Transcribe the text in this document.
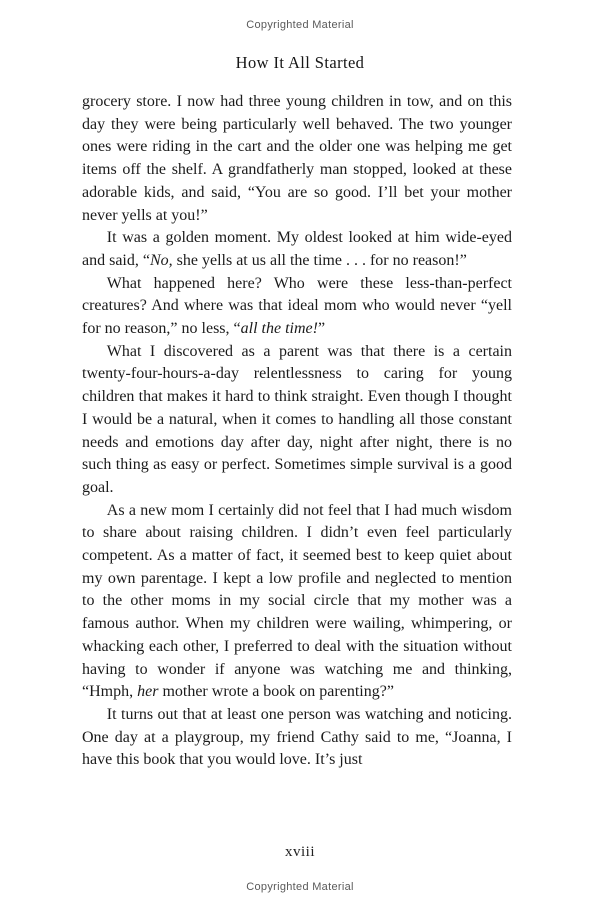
Copyrighted Material
How It All Started

grocery store. I now had three young children in tow, and on this day they were being particularly well behaved. The two younger ones were riding in the cart and the older one was helping me get items off the shelf. A grandfatherly man stopped, looked at these adorable kids, and said, “You are so good. I’ll bet your mother never yells at you!”

It was a golden moment. My oldest looked at him wide-eyed and said, “No, she yells at us all the time . . . for no reason!”

What happened here? Who were these less-than-perfect creatures? And where was that ideal mom who would never “yell for no reason,” no less, “all the time!”

What I discovered as a parent was that there is a certain twenty-four-hours-a-day relentlessness to caring for young children that makes it hard to think straight. Even though I thought I would be a natural, when it comes to handling all those constant needs and emotions day after day, night after night, there is no such thing as easy or perfect. Sometimes simple survival is a good goal.

As a new mom I certainly did not feel that I had much wisdom to share about raising children. I didn’t even feel particularly competent. As a matter of fact, it seemed best to keep quiet about my own parentage. I kept a low profile and neglected to mention to the other moms in my social circle that my mother was a famous author. When my children were wailing, whimpering, or whacking each other, I preferred to deal with the situation without having to wonder if anyone was watching me and thinking, “Hmph, her mother wrote a book on parenting?”

It turns out that at least one person was watching and noticing. One day at a playgroup, my friend Cathy said to me, “Joanna, I have this book that you would love. It’s just

xviii
Copyrighted Material
